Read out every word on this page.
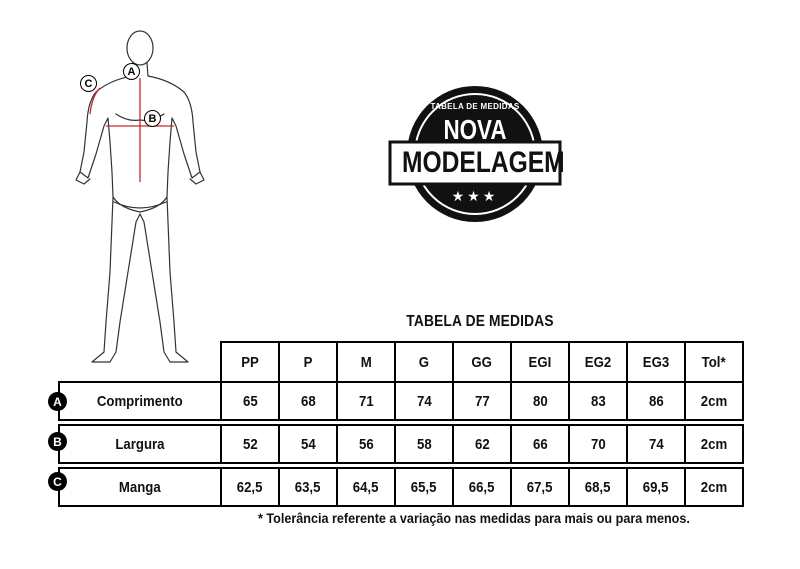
A
B
C
TABELA DE MEDIDAS
NOVA
MODELAGEM
★★★
TABELA DE MEDIDAS
	PP	P	M	G	GG	EGI	EG2	EG3	Tol*
Comprimento	65	68	71	74	77	80	83	86	2cm

Largura	52	54	56	58	62	66	70	74	2cm

Manga	62,5	63,5	64,5	65,5	66,5	67,5	68,5	69,5	2cm
A
B
C
* Tolerância referente a variação nas medidas para mais ou para menos.
